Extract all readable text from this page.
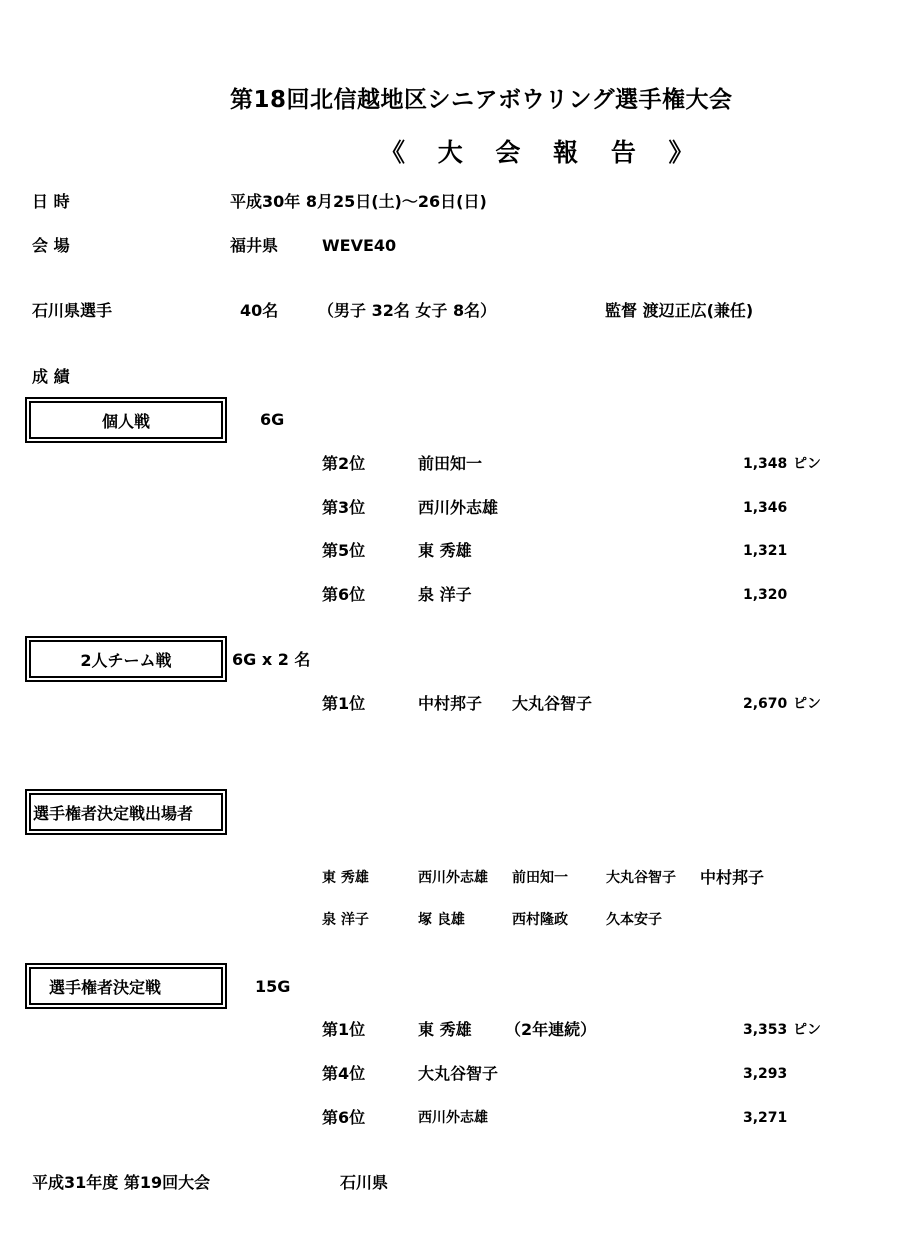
第18回北信越地区シニアボウリング選手権大会
《 大 会 報 告 》
日 時	平成30年 8月25日(土)～26日(日)
会 場	福井県	WEVE40
石川県選手	40名 （男子 32名 女子 8名）	監督 渡辺正広(兼任)
成 績
個人戦	6G
第2位	前田知一	1,348 ピン
第3位	西川外志雄	1,346
第5位	東 秀雄	1,321
第6位	泉 洋子	1,320
2人チーム戦	6G x 2 名
第1位	中村邦子 大丸谷智子	2,670 ピン
選手権者決定戦出場者
東 秀雄	西川外志雄 前田知一	大丸谷智子 中村邦子
泉 洋子	塚 良雄	西村隆政	久本安子
選手権者決定戦	15G
第1位	東 秀雄 （2年連続）	3,353 ピン
第4位	大丸谷智子	3,293
第6位	西川外志雄	3,271
平成31年度 第19回大会	石川県
